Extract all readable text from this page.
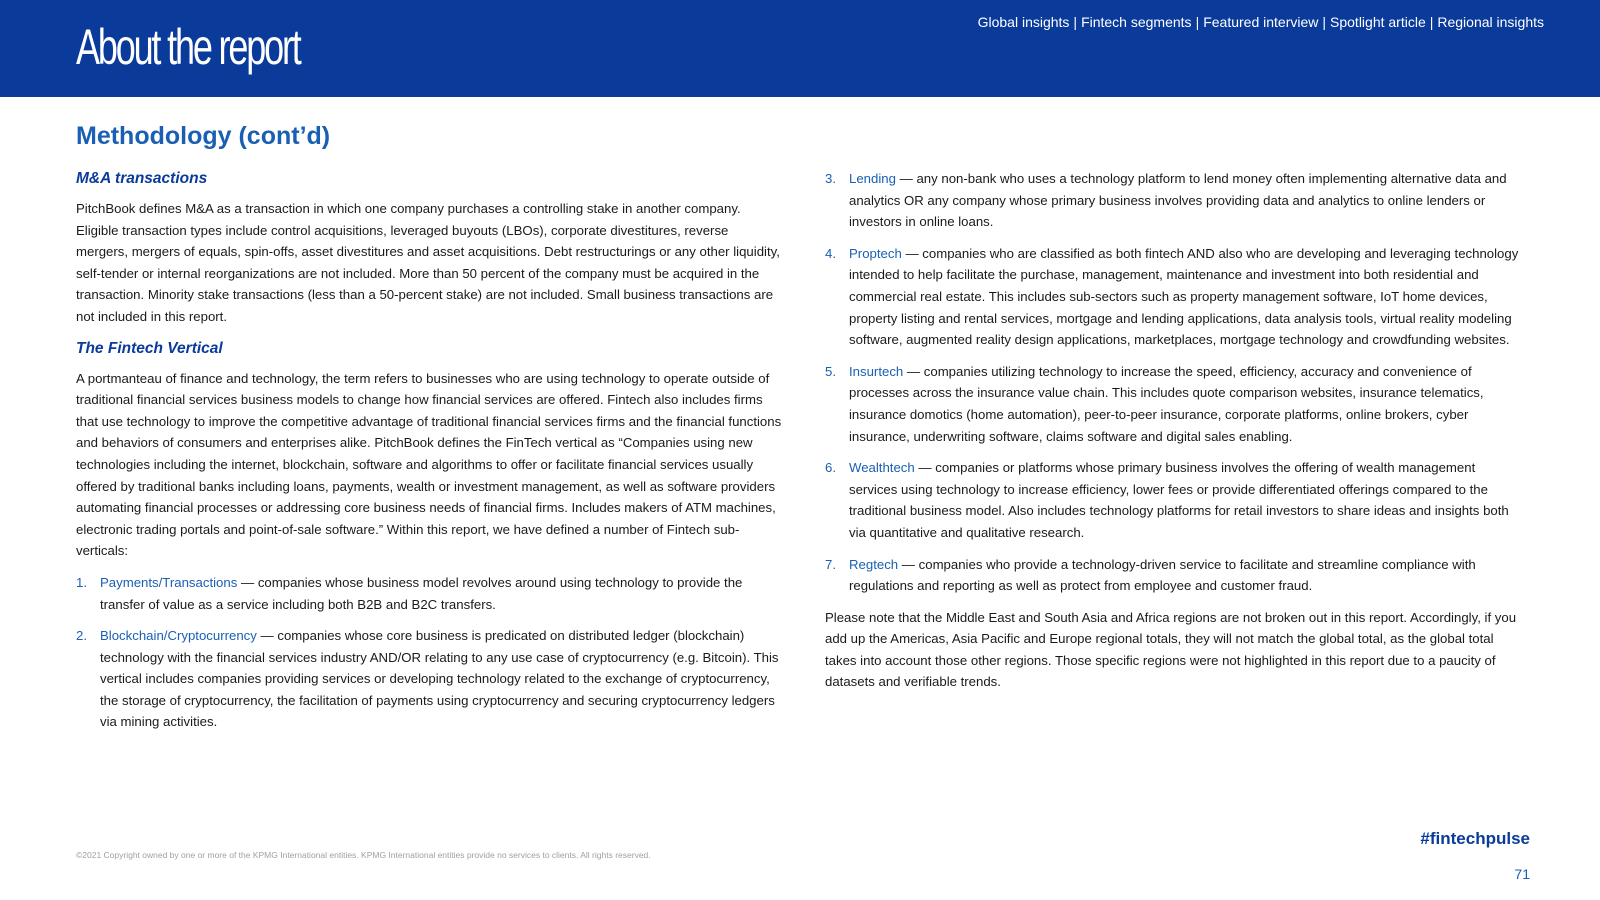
About the report	Global insights | Fintech segments | Featured interview | Spotlight article | Regional insights
Methodology (cont’d)
M&A transactions

PitchBook defines M&A as a transaction in which one company purchases a controlling stake in another company. Eligible transaction types include control acquisitions, leveraged buyouts (LBOs), corporate divestitures, reverse mergers, mergers of equals, spin-offs, asset divestitures and asset acquisitions. Debt restructurings or any other liquidity, self-tender or internal reorganizations are not included. More than 50 percent of the company must be acquired in the transaction. Minority stake transactions (less than a 50-percent stake) are not included. Small business transactions are not included in this report.

The Fintech Vertical

A portmanteau of finance and technology, the term refers to businesses who are using technology to operate outside of traditional financial services business models to change how financial services are offered. Fintech also includes firms that use technology to improve the competitive advantage of traditional financial services firms and the financial functions and behaviors of consumers and enterprises alike. PitchBook defines the FinTech vertical as “Companies using new technologies including the internet, blockchain, software and algorithms to offer or facilitate financial services usually offered by traditional banks including loans, payments, wealth or investment management, as well as software providers automating financial processes or addressing core business needs of financial firms. Includes makers of ATM machines, electronic trading portals and point-of-sale software.” Within this report, we have defined a number of Fintech sub-verticals:

1. Payments/Transactions — companies whose business model revolves around using technology to provide the transfer of value as a service including both B2B and B2C transfers.
2. Blockchain/Cryptocurrency — companies whose core business is predicated on distributed ledger (blockchain) technology with the financial services industry AND/OR relating to any use case of cryptocurrency (e.g. Bitcoin). This vertical includes companies providing services or developing technology related to the exchange of cryptocurrency, the storage of cryptocurrency, the facilitation of payments using cryptocurrency and securing cryptocurrency ledgers via mining activities.
3. Lending — any non-bank who uses a technology platform to lend money often implementing alternative data and analytics OR any company whose primary business involves providing data and analytics to online lenders or investors in online loans.
4. Proptech — companies who are classified as both fintech AND also who are developing and leveraging technology intended to help facilitate the purchase, management, maintenance and investment into both residential and commercial real estate. This includes sub-sectors such as property management software, IoT home devices, property listing and rental services, mortgage and lending applications, data analysis tools, virtual reality modeling software, augmented reality design applications, marketplaces, mortgage technology and crowdfunding websites.
5. Insurtech — companies utilizing technology to increase the speed, efficiency, accuracy and convenience of processes across the insurance value chain. This includes quote comparison websites, insurance telematics, insurance domotics (home automation), peer-to-peer insurance, corporate platforms, online brokers, cyber insurance, underwriting software, claims software and digital sales enabling.
6. Wealthtech — companies or platforms whose primary business involves the offering of wealth management services using technology to increase efficiency, lower fees or provide differentiated offerings compared to the traditional business model. Also includes technology platforms for retail investors to share ideas and insights both via quantitative and qualitative research.
7. Regtech — companies who provide a technology-driven service to facilitate and streamline compliance with regulations and reporting as well as protect from employee and customer fraud.

Please note that the Middle East and South Asia and Africa regions are not broken out in this report. Accordingly, if you add up the Americas, Asia Pacific and Europe regional totals, they will not match the global total, as the global total takes into account those other regions. Those specific regions were not highlighted in this report due to a paucity of datasets and verifiable trends.

©2021 Copyright owned by one or more of the KPMG International entities. KPMG International entities provide no services to clients. All rights reserved.
#fintechpulse
71
